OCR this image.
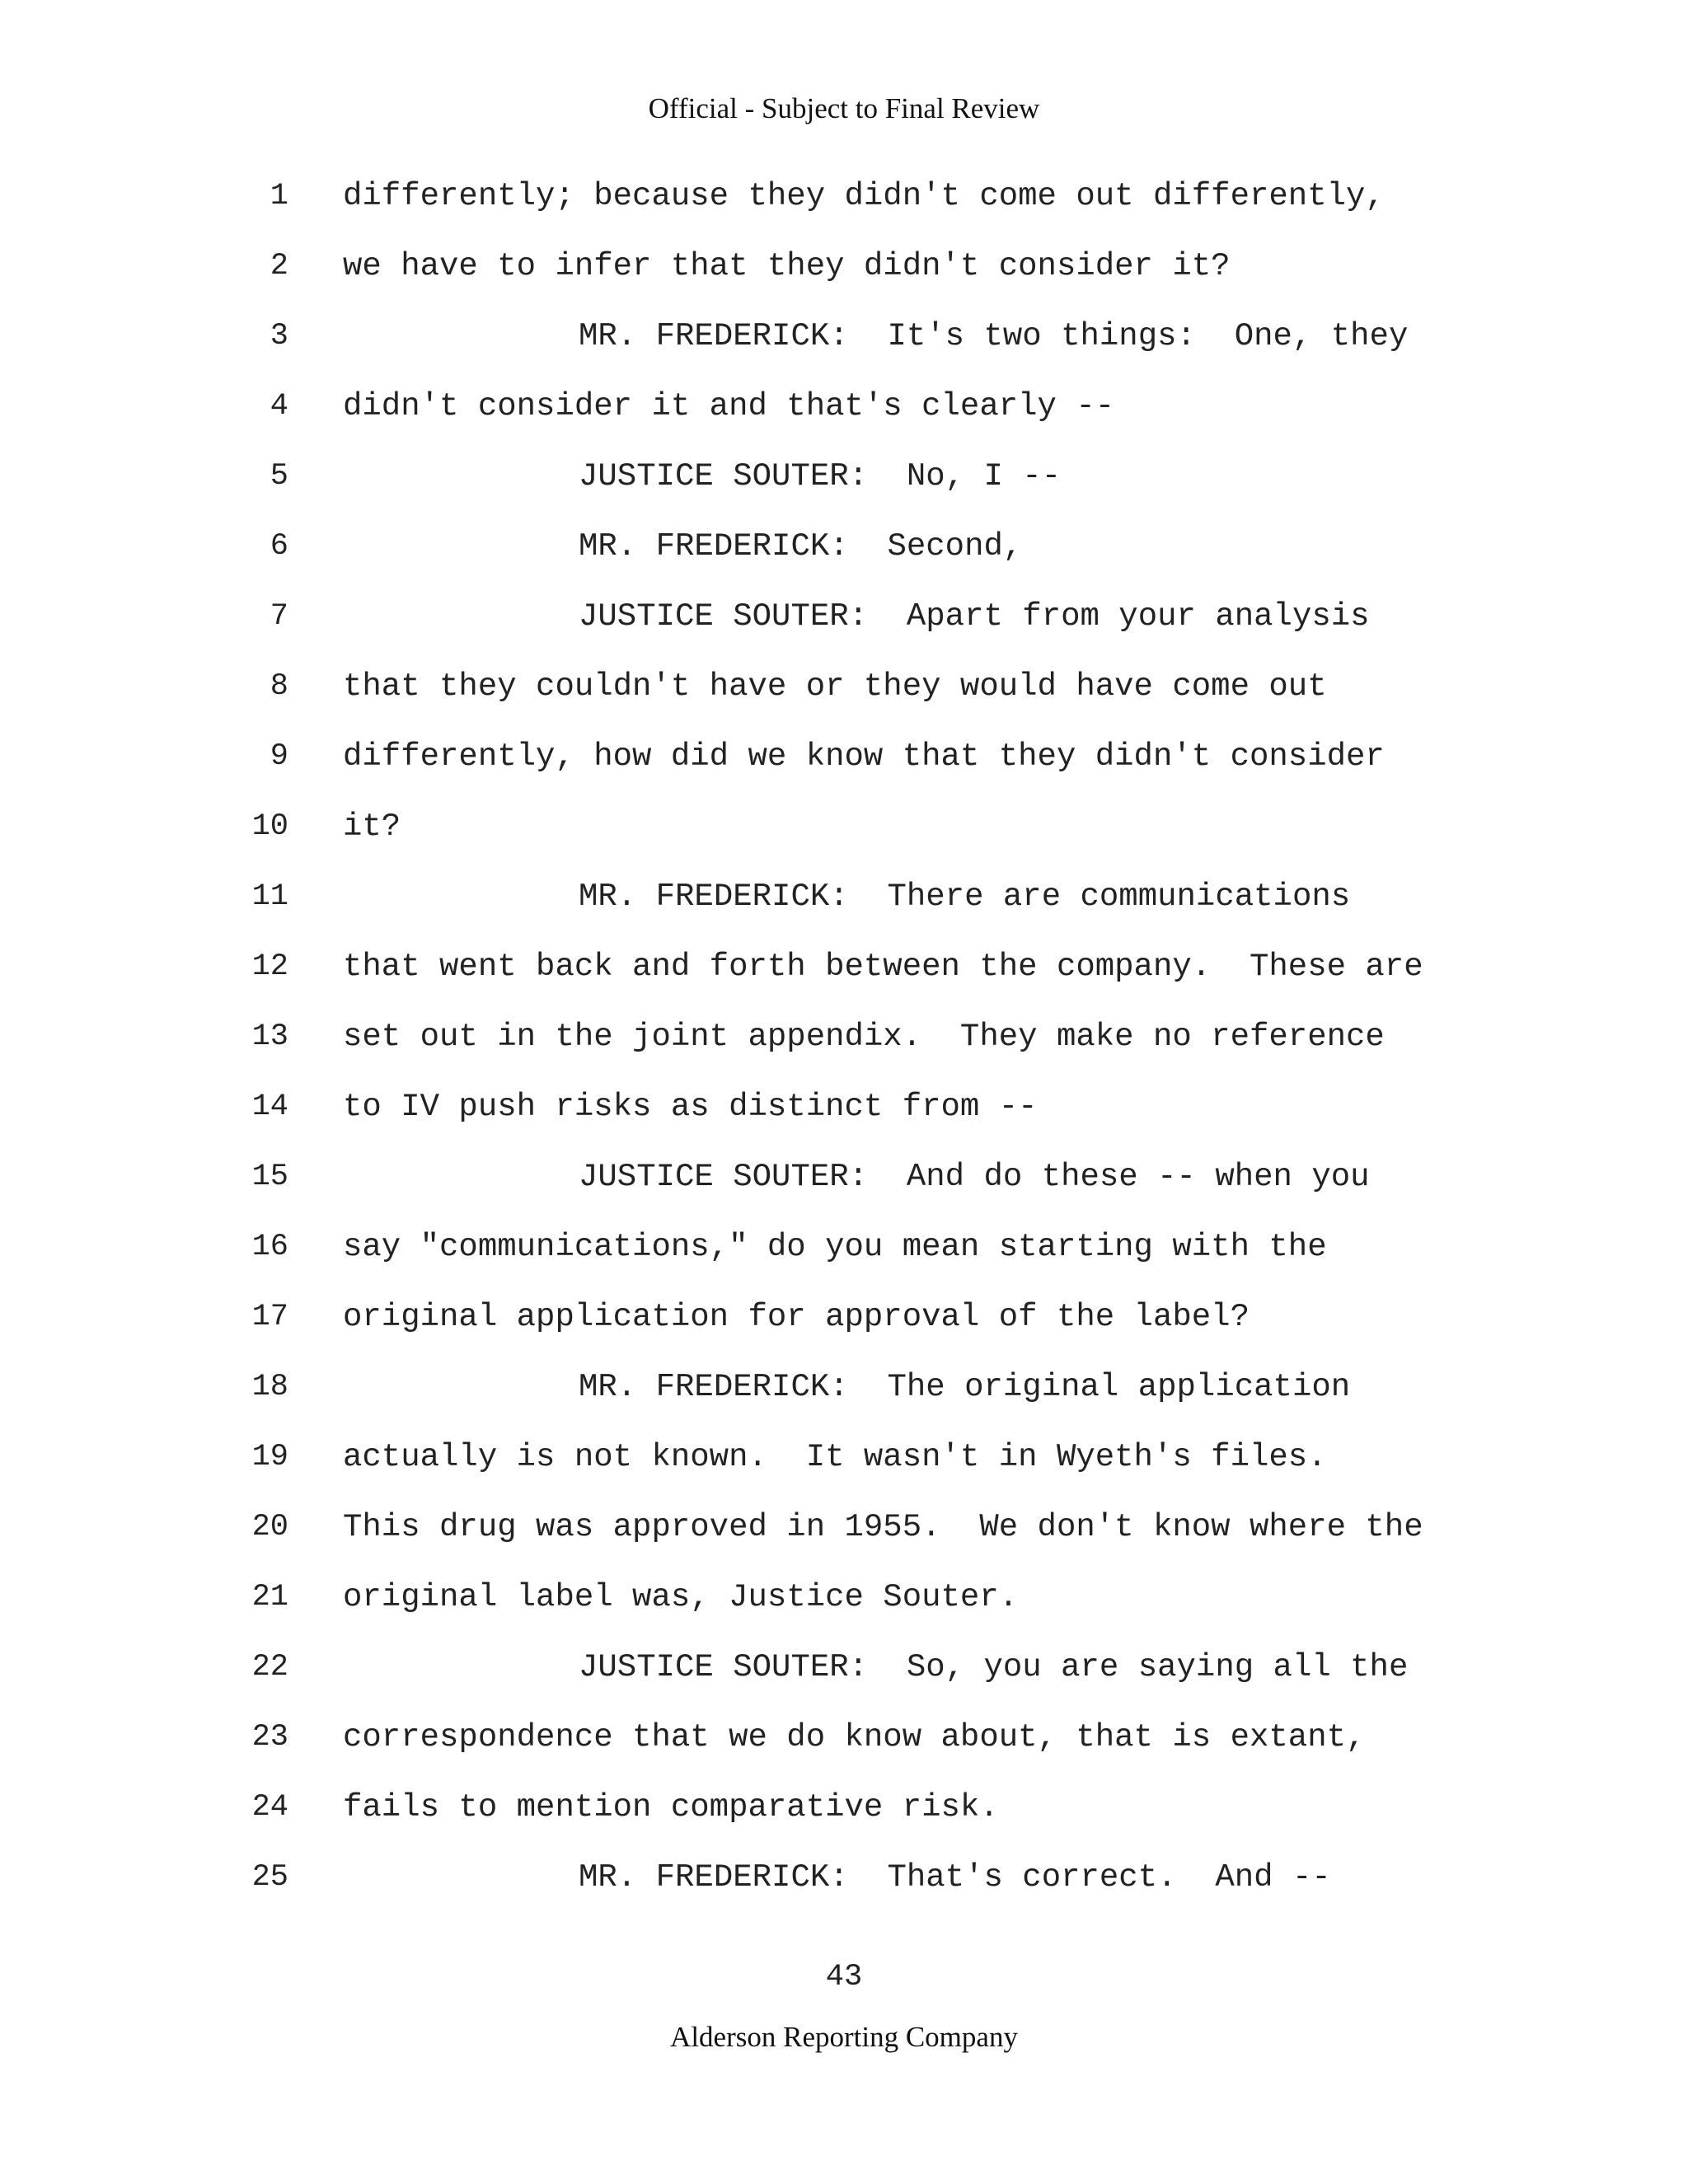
Official - Subject to Final Review
1 differently; because they didn't come out differently,
2 we have to infer that they didn't consider it?
3	MR. FREDERICK:  It's two things:  One, they
4 didn't consider it and that's clearly --
5	JUSTICE SOUTER:  No, I --
6	MR. FREDERICK:  Second,
7	JUSTICE SOUTER:  Apart from your analysis
8 that they couldn't have or they would have come out
9 differently, how did we know that they didn't consider
10 it?
11	MR. FREDERICK:  There are communications
12 that went back and forth between the company.  These are
13 set out in the joint appendix.  They make no reference
14 to IV push risks as distinct from --
15	JUSTICE SOUTER:  And do these -- when you
16 say "communications," do you mean starting with the
17 original application for approval of the label?
18	MR. FREDERICK:  The original application
19 actually is not known.  It wasn't in Wyeth's files.
20 This drug was approved in 1955.  We don't know where the
21 original label was, Justice Souter.
22	JUSTICE SOUTER:  So, you are saying all the
23 correspondence that we do know about, that is extant,
24 fails to mention comparative risk.
25	MR. FREDERICK:  That's correct.  And --
43
Alderson Reporting Company
